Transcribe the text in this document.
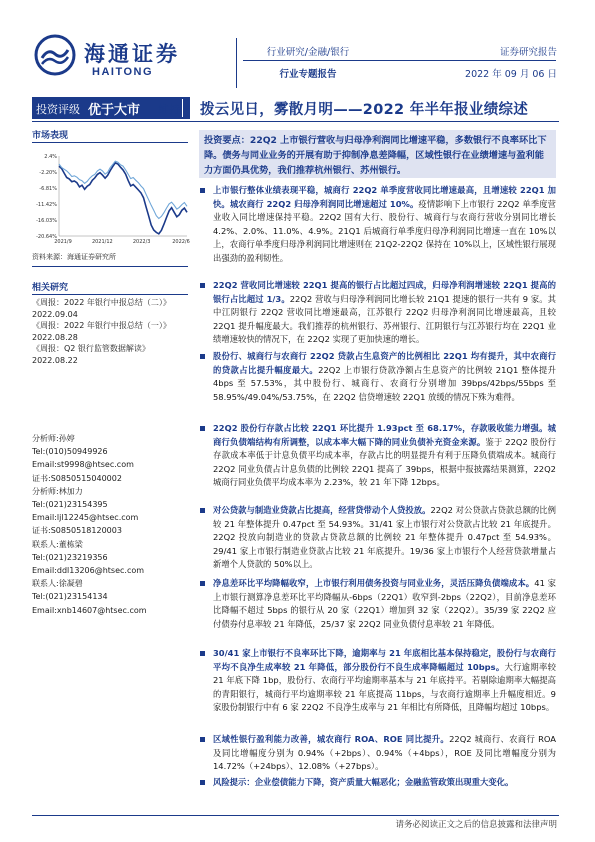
海通证券
HAITONG
行业研究/金融/银行
行业专题报告
证券研究报告
2022 年 09 月 06 日
投资评级 优于大市 维持 拨云见日，雾散月明——2022 年半年报业绩综述
市场表现
2.4%
-2.20%
-6.81%
-11.42%
-16.03%
-20.64%
2021/9	2021/12	2022/3	2022/6
资料来源：海通证券研究所
相关研究
《周报：2022 年银行中报总结（二）》
2022.09.04
《周报：2022 年银行中报总结（一）》
2022.08.28
《周报：Q2 银行监管数据解读》
2022.08.22
分析师:孙婷
Tel:(010)50949926
Email:st9998@htsec.com
证书:S0850515040002
分析师:林加力
Tel:(021)23154395
Email:ljl12245@htsec.com
证书:S0850518120003
联系人:董栋梁
Tel:(021)23219356
Email:ddl13206@htsec.com
联系人:徐凝碧
Tel:(021)23154134
Email:xnb14607@htsec.com
投资要点：22Q2 上市银行营收与归母净利润同比增速平稳，多数银行不良率环比下降。债务与同业业务的开展有助于抑制净息差降幅，区域性银行在业绩增速与盈利能力方面仍具优势，我们推荐杭州银行、苏州银行。
上市银行整体业绩表现平稳，城商行 22Q2 单季度营收同比增速最高，且增速较 22Q1 加快。城农商行 22Q2 归母净利润同比增速超过 10%。疫情影响下上市银行 22Q2 单季度营业收入同比增速保持平稳。22Q2 国有大行、股份行、城商行与农商行营收分别同比增长 4.2%、2.0%、11.0%、4.9%。21Q1 后城商行单季度归母净利润同比增速一直在 10%以上，农商行单季度归母净利润同比增速则在 21Q2-22Q2 保持在 10%以上，区域性银行展现出强劲的盈利韧性。
22Q2 营收同比增速较 22Q1 提高的银行占比超过四成，归母净利润增速较 22Q1 提高的银行占比超过 1/3。22Q2 营收与归母净利润同比增长较 21Q1 提速的银行一共有 9 家。其中江阴银行 22Q2 营收同比增速最高，江苏银行 22Q2 归母净利润同比增速最高，且较 22Q1 提升幅度最大。我们推荐的杭州银行、苏州银行、江阴银行与江苏银行均在 22Q1 业绩增速较快的情况下，在 22Q2 实现了更加快速的增长。
股份行、城商行与农商行 22Q2 贷款占生息资产的比例相比 22Q1 均有提升，其中农商行的贷款占比提升幅度最大。22Q2 上市银行贷款净额占生息资产的比例较 21Q1 整体提升 4bps 至 57.53%，其中股份行、城商行、农商行分别增加 39bps/42bps/55bps 至 58.95%/49.04%/53.75%，在 22Q2 信贷增速较 22Q1 放缓的情况下殊为难得。
22Q2 股份行存款占比较 22Q1 环比提升 1.93pct 至 68.17%，存款吸收能力增强。城商行负债端结构有所调整，以成本率大幅下降的同业负债补充资金来源。鉴于 22Q2 股份行存款成本率低于计息负债平均成本率，存款占比的明显提升有利于压降负债端成本。城商行 22Q2 同业负债占计息负债的比例较 22Q1 提高了 39bps，根据中报披露结果测算，22Q2 城商行同业负债平均成本率为 2.23%，较 21 年下降 12bps。
对公贷款与制造业贷款占比提高，经营贷带动个人贷投放。22Q2 对公贷款占贷款总额的比例较 21 年整体提升 0.47pct 至 54.93%。31/41 家上市银行对公贷款占比较 21 年底提升。22Q2 投放向制造业的贷款占贷款总额的比例较 21 年整体提升 0.47pct 至 54.93%。29/41 家上市银行制造业贷款占比较 21 年底提升。19/36 家上市银行个人经营贷款增量占新增个人贷款的 50%以上。
净息差环比平均降幅收窄，上市银行利用债务投资与同业业务，灵活压降负债端成本。41 家上市银行测算净息差环比平均降幅从-6bps（22Q1）收窄到-2bps（22Q2），目前净息差环比降幅不超过 5bps 的银行从 20 家（22Q1）增加到 32 家（22Q2）。35/39 家 22Q2 应付债券付息率较 21 年降低，25/37 家 22Q2 同业负债付息率较 21 年降低。
30/41 家上市银行不良率环比下降，逾期率与 21 年底相比基本保持稳定，股份行与农商行平均不良净生成率较 21 年降低，部分股份行不良生成率降幅超过 10bps。大行逾期率较 21 年底下降 1bp，股份行、农商行平均逾期率基本与 21 年底持平。若剔除逾期率大幅提高的青阳银行，城商行平均逾期率较 21 年底提高 11bps，与农商行逾期率上升幅度相近。9 家股份制银行中有 6 家 22Q2 不良净生成率与 21 年相比有所降低，且降幅均超过 10bps。
区域性银行盈利能力改善，城农商行 ROA、ROE 同比提升。22Q2 城商行、农商行 ROA 及同比增幅度分别为 0.94%（+2bps）、0.94%（+4bps），ROE 及同比增幅度分别为 14.72%（+24bps）、12.08%（+27bps）。
风险提示：企业偿债能力下降，资产质量大幅恶化；金融监管政策出现重大变化。
请务必阅读正文之后的信息披露和法律声明
